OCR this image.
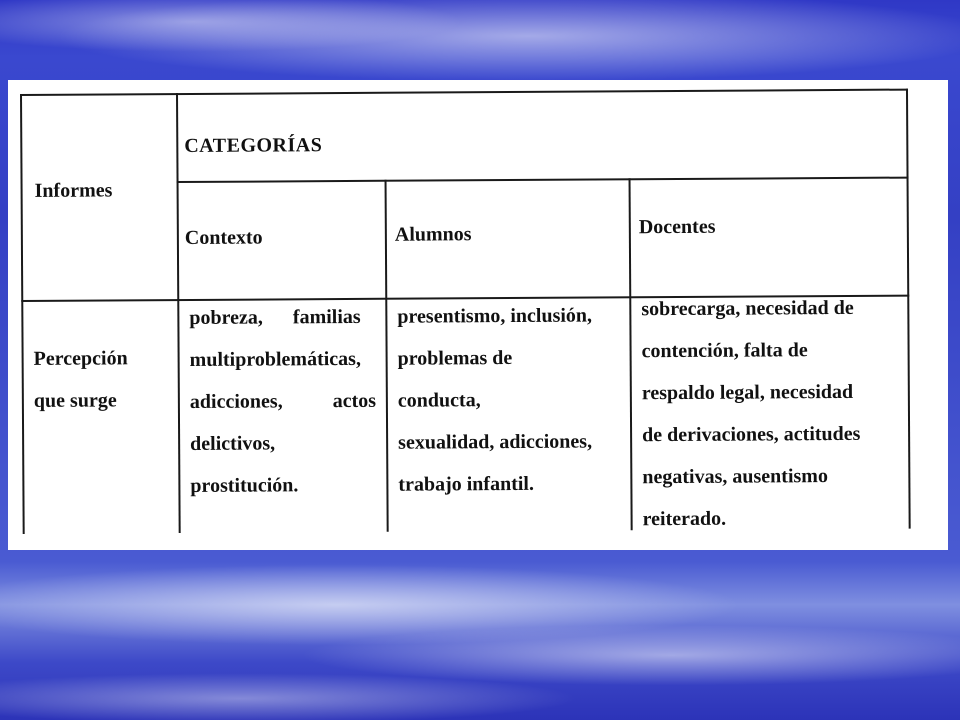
Informes
CATEGORÍAS
Contexto	Alumnos	Docentes
Percepción
que surge
pobreza,      familias
multiproblemáticas,
adicciones,          actos
delictivos,
prostitución.
presentismo, inclusión,
problemas de
conducta,
sexualidad, adicciones,
trabajo infantil.
sobrecarga, necesidad de
contención, falta de
respaldo legal, necesidad
de derivaciones, actitudes
negativas, ausentismo
reiterado.
